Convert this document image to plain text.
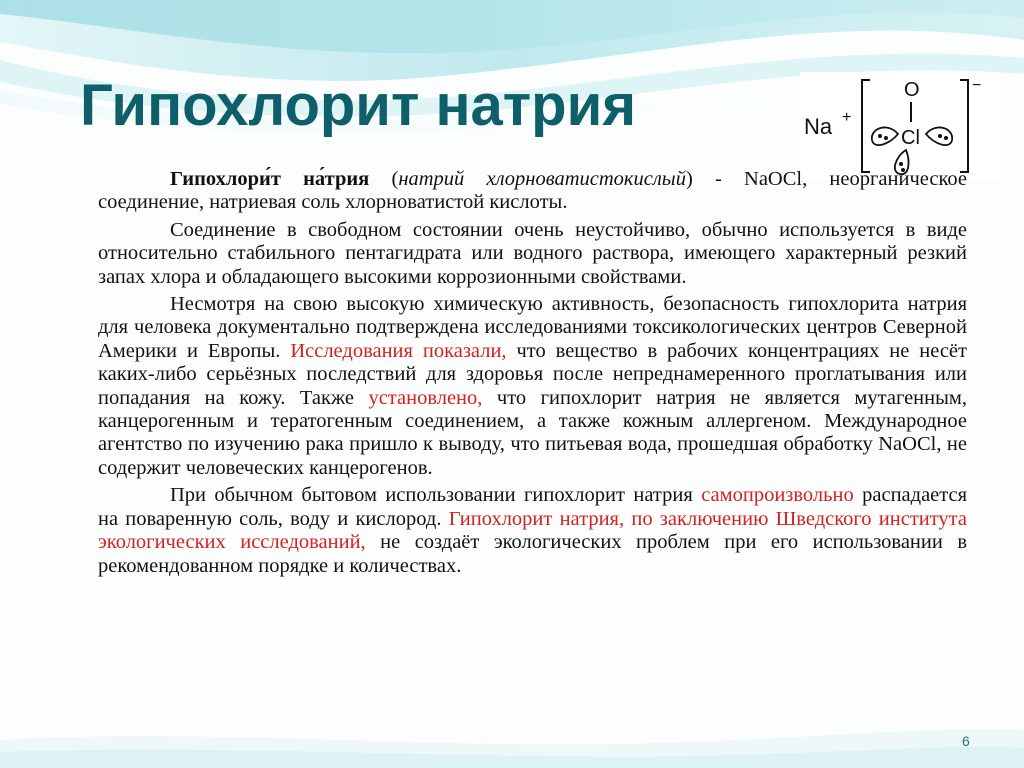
Гипохлорит натрия	Na +
−
O
Cl

Гипохлори́т на́трия (натрий хлорноватистокислый) - NaOCl, неорганическое соединение, натриевая соль хлорноватистой кислоты.

Соединение в свободном состоянии очень неустойчиво, обычно используется в виде относительно стабильного пентагидрата или водного раствора, имеющего характерный резкий запах хлора и обладающего высокими коррозионными свойствами.

Несмотря на свою высокую химическую активность, безопасность гипохлорита натрия для человека документально подтверждена исследованиями токсикологических центров Северной Америки и Европы. Исследования показали, что вещество в рабочих концентрациях не несёт каких-либо серьёзных последствий для здоровья после непреднамеренного проглатывания или попадания на кожу. Также установлено, что гипохлорит натрия не является мутагенным, канцерогенным и тератогенным соединением, а также кожным аллергеном. Международное агентство по изучению рака пришло к выводу, что питьевая вода, прошедшая обработку NaOCl, не содержит человеческих канцерогенов.

При обычном бытовом использовании гипохлорит натрия самопроизвольно распадается на поваренную соль, воду и кислород. Гипохлорит натрия, по заключению Шведского института экологических исследований, не создаёт экологических проблем при его использовании в рекомендованном порядке и количествах.

6
